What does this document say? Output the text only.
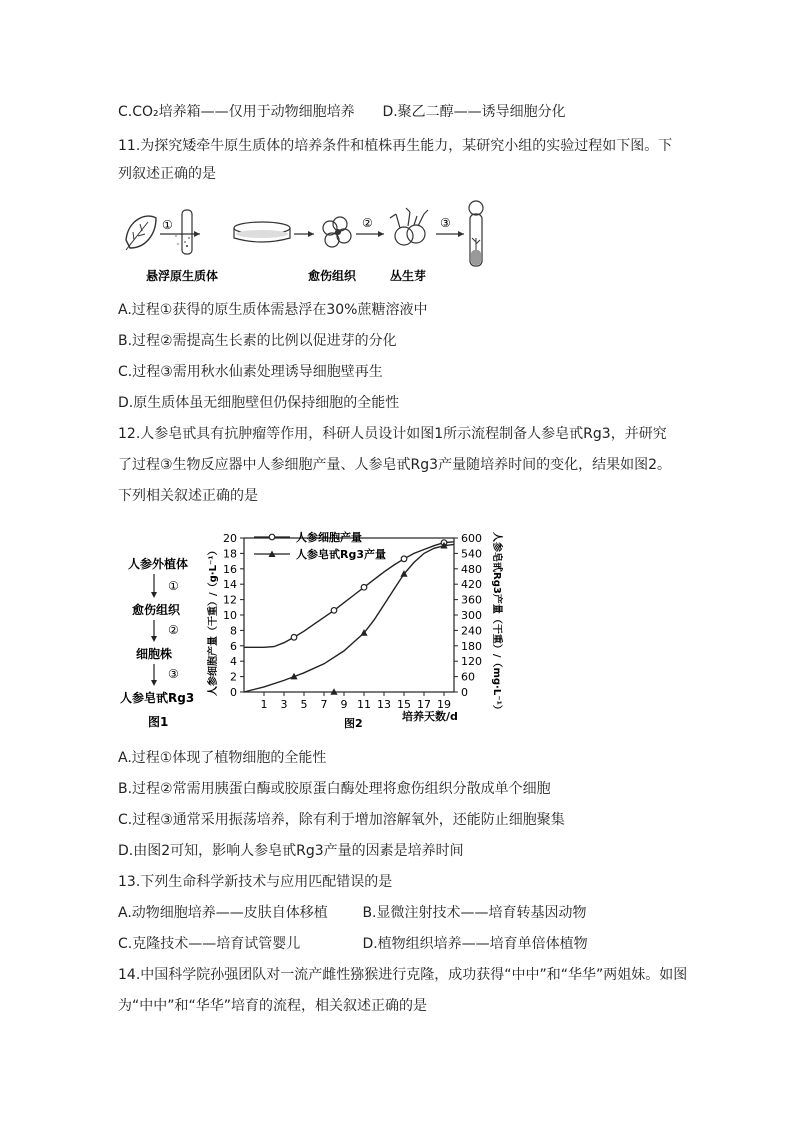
C.CO₂培养箱——仅用于动物细胞培养 D.聚乙二醇——诱导细胞分化
11.为探究矮牵牛原生质体的培养条件和植株再生能力，某研究小组的实验过程如下图。下
列叙述正确的是
①	②	③
悬浮原生质体	愈伤组织	丛生芽
A.过程①获得的原生质体需悬浮在30%蔗糖溶液中
B.过程②需提高生长素的比例以促进芽的分化
C.过程③需用秋水仙素处理诱导细胞壁再生
D.原生质体虽无细胞壁但仍保持细胞的全能性
12.人参皂甙具有抗肿瘤等作用，科研人员设计如图1所示流程制备人参皂甙Rg3，并研究
了过程③生物反应器中人参细胞产量、人参皂甙Rg3产量随培养时间的变化，结果如图2。
下列相关叙述正确的是
人参外植体
①
愈伤组织
②
细胞株
③
人参皂甙Rg3
图1
0
2
4
6
8
10
12
14
16
18
20
0
60
120
180
240
300
360
420
480
540
600
1 3 5 7 9 11 13 15 17 19
人参细胞产量（干重）/（g·L⁻¹）	人参皂甙Rg3产量（干重）/（mg·L⁻¹）
培养天数/d
图2
人参细胞产量
人参皂甙Rg3产量
A.过程①体现了植物细胞的全能性
B.过程②常需用胰蛋白酶或胶原蛋白酶处理将愈伤组织分散成单个细胞
C.过程③通常采用振荡培养，除有利于增加溶解氧外，还能防止细胞聚集
D.由图2可知，影响人参皂甙Rg3产量的因素是培养时间
13.下列生命科学新技术与应用匹配错误的是
A.动物细胞培养——皮肤自体移植 B.显微注射技术——培育转基因动物
C.克隆技术——培育试管婴儿	D.植物组织培养——培育单倍体植物
14.中国科学院孙强团队对一流产雌性猕猴进行克隆，成功获得“中中”和“华华”两姐妹。如图
为“中中”和“华华”培育的流程，相关叙述正确的是
